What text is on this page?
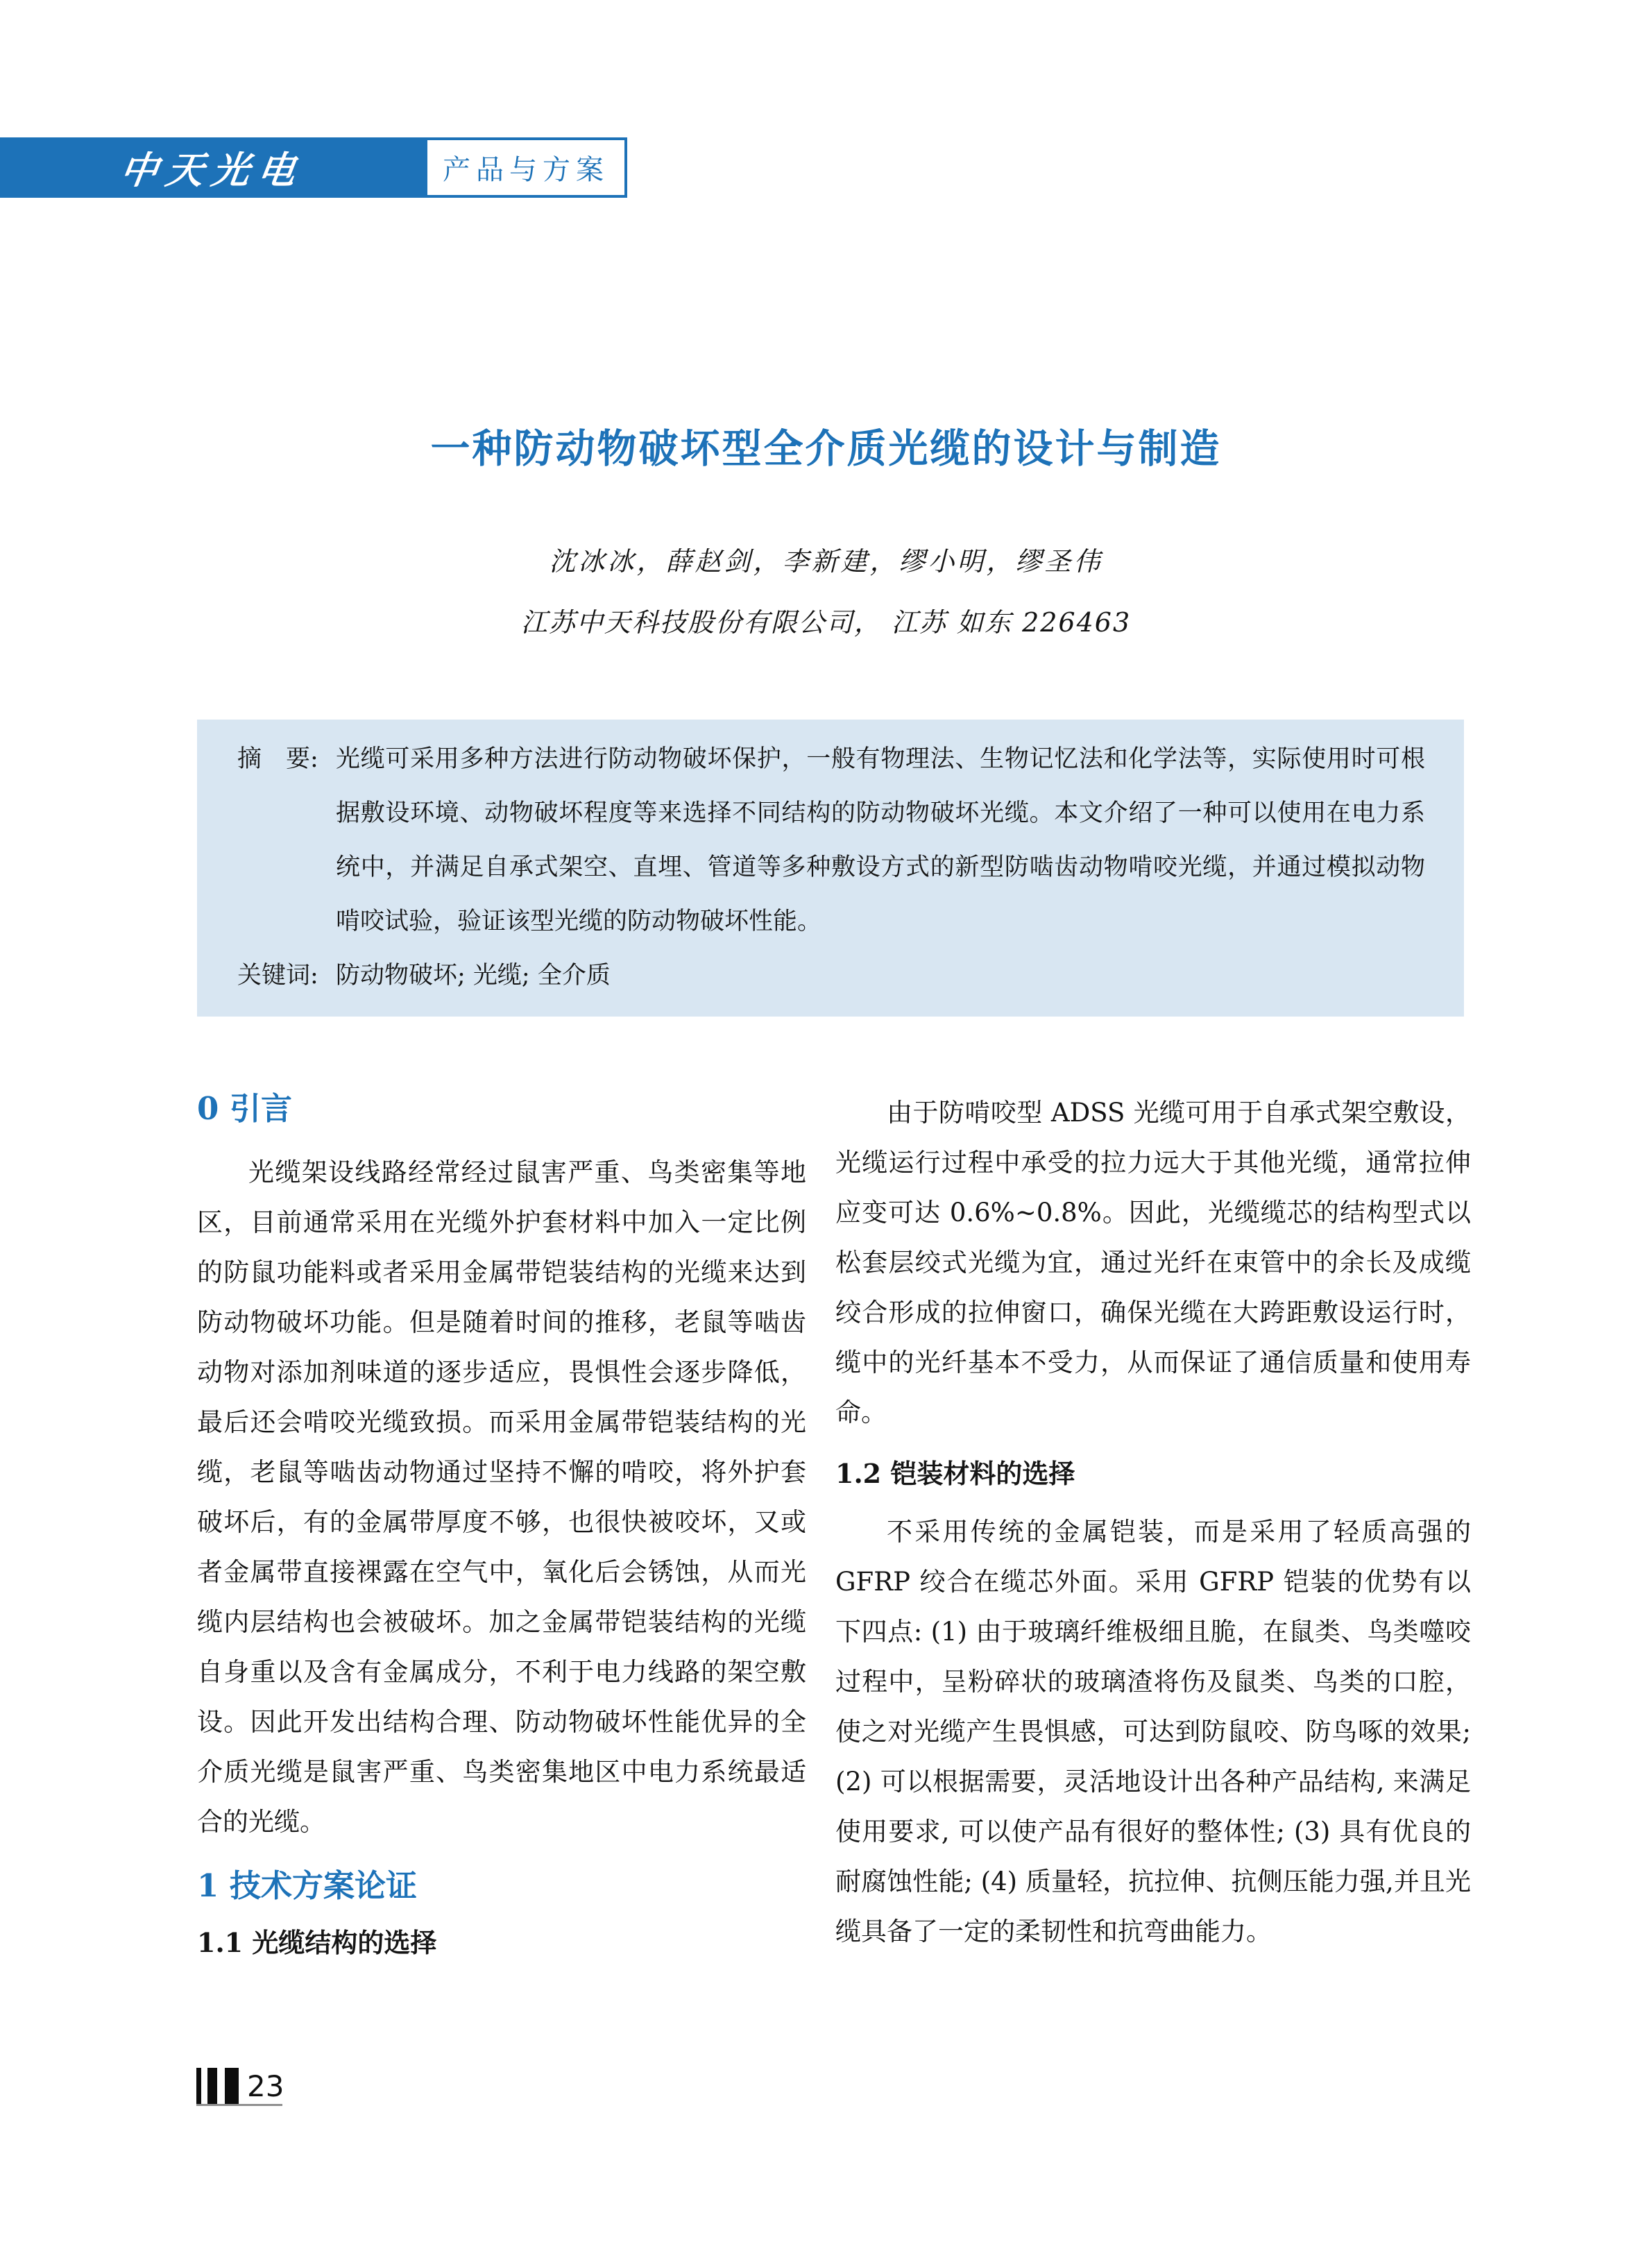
中天光电	产品与方案
一种防动物破坏型全介质光缆的设计与制造
沈冰冰，薛赵剑，李新建，缪小明，缪圣伟
江苏中天科技股份有限公司， 江苏 如东 226463
摘　要: 光缆可采用多种方法进行防动物破坏保护，一般有物理法、生物记忆法和化学法等，实际使用时可根据敷设环境、动物破坏程度等来选择不同结构的防动物破坏光缆。本文介绍了一种可以使用在电力系统中，并满足自承式架空、直埋、管道等多种敷设方式的新型防啮齿动物啃咬光缆，并通过模拟动物啃咬试验，验证该型光缆的防动物破坏性能。
关键词: 防动物破坏; 光缆; 全介质
0 引言

光缆架设线路经常经过鼠害严重、鸟类密集等地区，目前通常采用在光缆外护套材料中加入一定比例的防鼠功能料或者采用金属带铠装结构的光缆来达到防动物破坏功能。但是随着时间的推移，老鼠等啮齿动物对添加剂味道的逐步适应，畏惧性会逐步降低，最后还会啃咬光缆致损。而采用金属带铠装结构的光缆，老鼠等啮齿动物通过坚持不懈的啃咬，将外护套破坏后，有的金属带厚度不够，也很快被咬坏，又或者金属带直接裸露在空气中，氧化后会锈蚀，从而光缆内层结构也会被破坏。加之金属带铠装结构的光缆自身重以及含有金属成分，不利于电力线路的架空敷设。因此开发出结构合理、防动物破坏性能优异的全介质光缆是鼠害严重、鸟类密集地区中电力系统最适合的光缆。

1 技术方案论证
1.1 光缆结构的选择

由于防啃咬型 ADSS 光缆可用于自承式架空敷设，光缆运行过程中承受的拉力远大于其他光缆，通常拉伸应变可达 0.6%~0.8%。因此，光缆缆芯的结构型式以松套层绞式光缆为宜，通过光纤在束管中的余长及成缆绞合形成的拉伸窗口，确保光缆在大跨距敷设运行时，缆中的光纤基本不受力，从而保证了通信质量和使用寿命。

1.2 铠装材料的选择

不采用传统的金属铠装，而是采用了轻质高强的 GFRP 绞合在缆芯外面。采用 GFRP 铠装的优势有以下四点: (1) 由于玻璃纤维极细且脆，在鼠类、鸟类噬咬过程中，呈粉碎状的玻璃渣将伤及鼠类、鸟类的口腔，使之对光缆产生畏惧感，可达到防鼠咬、防鸟啄的效果; (2) 可以根据需要，灵活地设计出各种产品结构, 来满足使用要求, 可以使产品有很好的整体性; (3) 具有优良的耐腐蚀性能; (4) 质量轻，抗拉伸、抗侧压能力强,并且光缆具备了一定的柔韧性和抗弯曲能力。

23
